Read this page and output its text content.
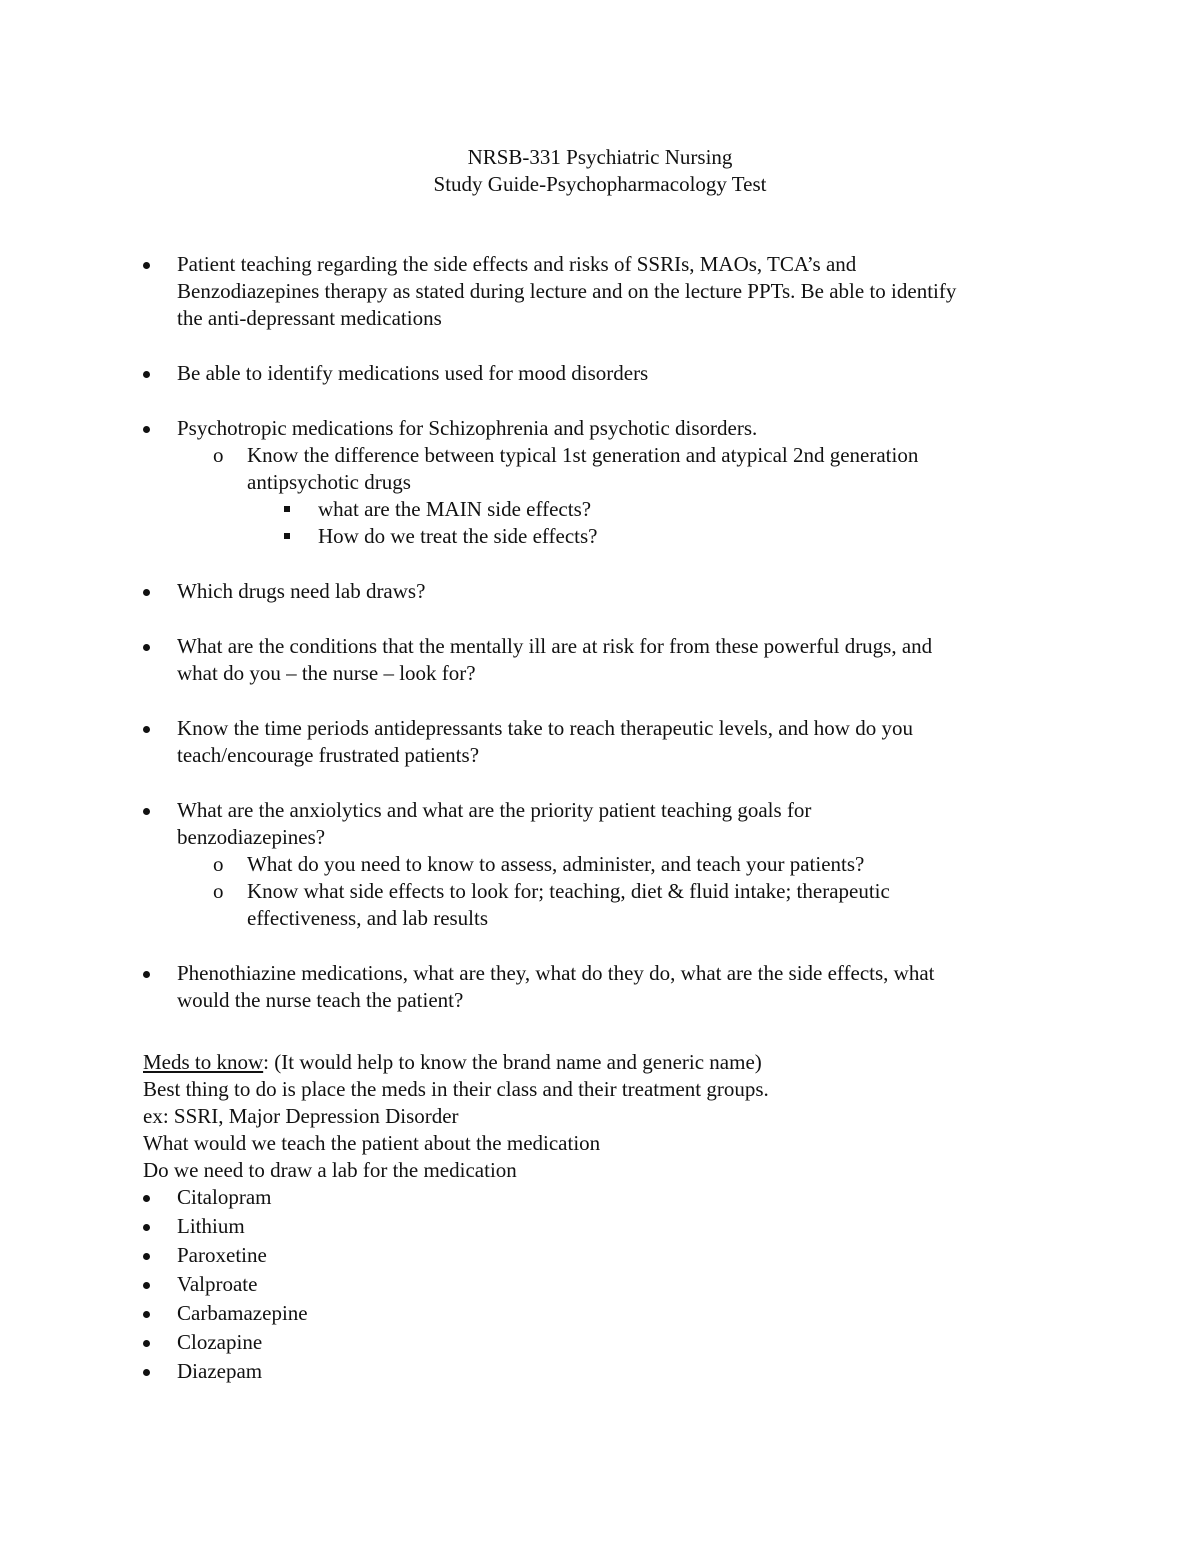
NRSB-331 Psychiatric Nursing
Study Guide-Psychopharmacology Test
Patient teaching regarding the side effects and risks of SSRIs, MAOs, TCA’s and
Benzodiazepines therapy as stated during lecture and on the lecture PPTs. Be able to identify
the anti-depressant medications
Be able to identify medications used for mood disorders
Psychotropic medications for Schizophrenia and psychotic disorders.
o Know the difference between typical 1st generation and atypical 2nd generation
antipsychotic drugs
what are the MAIN side effects?
How do we treat the side effects?
Which drugs need lab draws?
What are the conditions that the mentally ill are at risk for from these powerful drugs, and
what do you – the nurse – look for?
Know the time periods antidepressants take to reach therapeutic levels, and how do you
teach/encourage frustrated patients?
What are the anxiolytics and what are the priority patient teaching goals for
benzodiazepines?
o What do you need to know to assess, administer, and teach your patients?
o Know what side effects to look for; teaching, diet & fluid intake; therapeutic
effectiveness, and lab results
Phenothiazine medications, what are they, what do they do, what are the side effects, what
would the nurse teach the patient?
Meds to know: (It would help to know the brand name and generic name)
Best thing to do is place the meds in their class and their treatment groups.
ex: SSRI, Major Depression Disorder
What would we teach the patient about the medication
Do we need to draw a lab for the medication
Citalopram
Lithium
Paroxetine
Valproate
Carbamazepine
Clozapine
Diazepam
